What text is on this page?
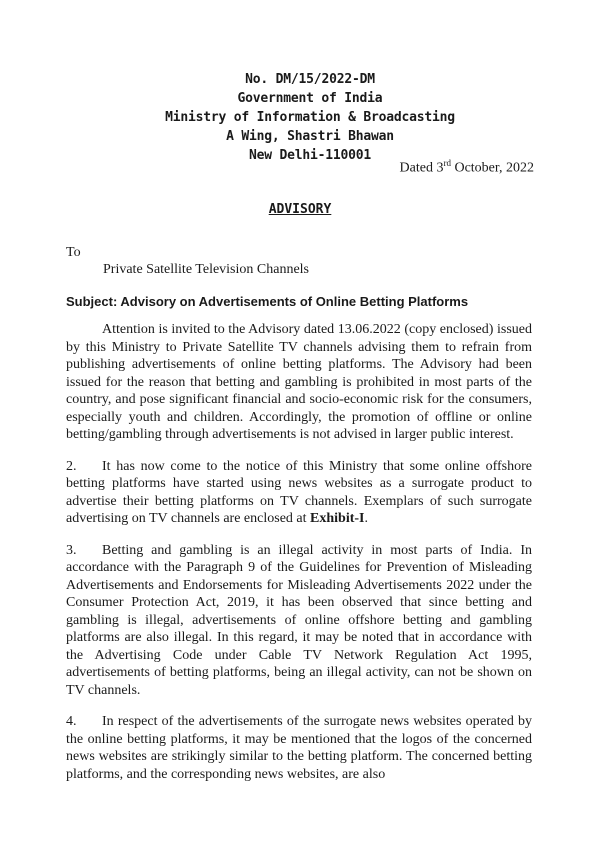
No. DM/15/2022-DM
Government of India
Ministry of Information & Broadcasting
A Wing, Shastri Bhawan
New Delhi-110001
Dated 3rd October, 2022
ADVISORY
To
Private Satellite Television Channels
Subject: Advisory on Advertisements of Online Betting Platforms

Attention is invited to the Advisory dated 13.06.2022 (copy enclosed) issued by this Ministry to Private Satellite TV channels advising them to refrain from publishing advertisements of online betting platforms. The Advisory had been issued for the reason that betting and gambling is prohibited in most parts of the country, and pose significant financial and socio-economic risk for the consumers, especially youth and children. Accordingly, the promotion of offline or online betting/gambling through advertisements is not advised in larger public interest.

2. It has now come to the notice of this Ministry that some online offshore betting platforms have started using news websites as a surrogate product to advertise their betting platforms on TV channels. Exemplars of such surrogate advertising on TV channels are enclosed at Exhibit-I.

3. Betting and gambling is an illegal activity in most parts of India. In accordance with the Paragraph 9 of the Guidelines for Prevention of Misleading Advertisements and Endorsements for Misleading Advertisements 2022 under the Consumer Protection Act, 2019, it has been observed that since betting and gambling is illegal, advertisements of online offshore betting and gambling platforms are also illegal. In this regard, it may be noted that in accordance with the Advertising Code under Cable TV Network Regulation Act 1995, advertisements of betting platforms, being an illegal activity, can not be shown on TV channels.

4. In respect of the advertisements of the surrogate news websites operated by the online betting platforms, it may be mentioned that the logos of the concerned news websites are strikingly similar to the betting platform. The concerned betting platforms, and the corresponding news websites, are also
